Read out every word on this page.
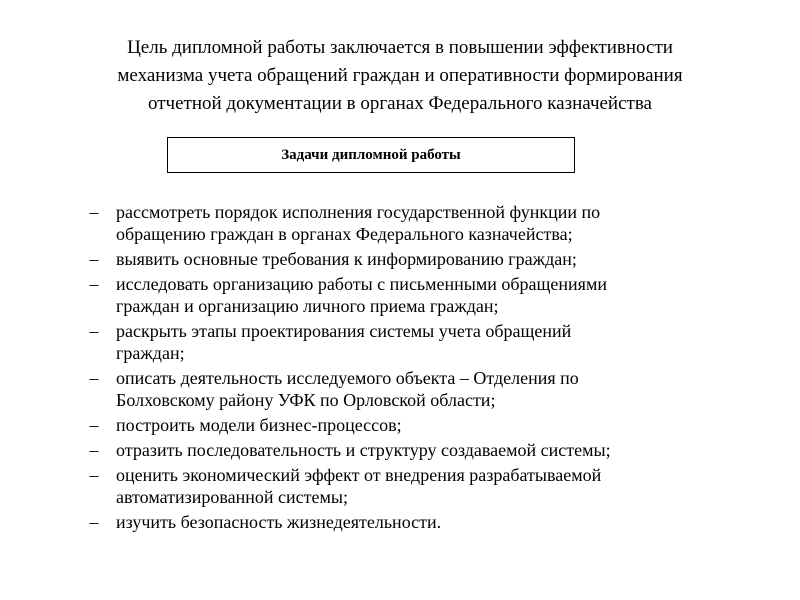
Цель дипломной работы заключается в повышении эффективности
механизма учета обращений граждан и оперативности формирования
отчетной документации в органах Федерального казначейства
Задачи дипломной работы
– рассмотреть порядок исполнения государственной функции по
обращению граждан в органах Федерального казначейства;
– выявить основные требования к информированию граждан;
– исследовать организацию работы с письменными обращениями
граждан и организацию личного приема граждан;
– раскрыть этапы проектирования системы учета обращений
граждан;
– описать деятельность исследуемого объекта – Отделения по
Болховскому району УФК по Орловской области;
– построить модели бизнес-процессов;
– отразить последовательность и структуру создаваемой системы;
– оценить экономический эффект от внедрения разрабатываемой
автоматизированной системы;
– изучить безопасность жизнедеятельности.
